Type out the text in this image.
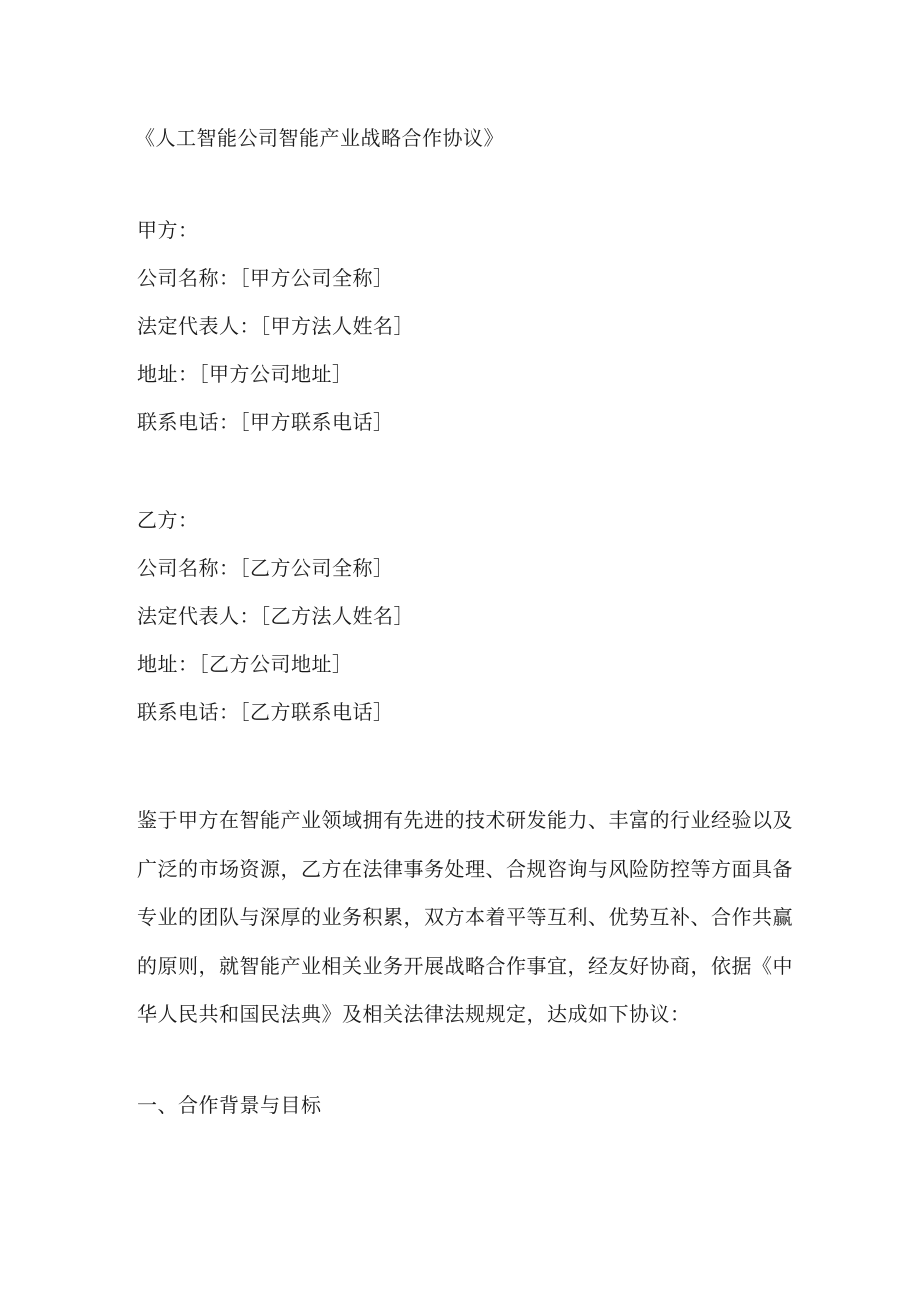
《人工智能公司智能产业战略合作协议》
甲方：
公司名称：［甲方公司全称］
法定代表人：［甲方法人姓名］
地址：［甲方公司地址］
联系电话：［甲方联系电话］
乙方：
公司名称：［乙方公司全称］
法定代表人：［乙方法人姓名］
地址：［乙方公司地址］
联系电话：［乙方联系电话］
鉴于甲方在智能产业领域拥有先进的技术研发能力、丰富的行业经验以及
广泛的市场资源，乙方在法律事务处理、合规咨询与风险防控等方面具备
专业的团队与深厚的业务积累，双方本着平等互利、优势互补、合作共赢
的原则，就智能产业相关业务开展战略合作事宜，经友好协商，依据《中
华人民共和国民法典》及相关法律法规规定，达成如下协议：
一、合作背景与目标
